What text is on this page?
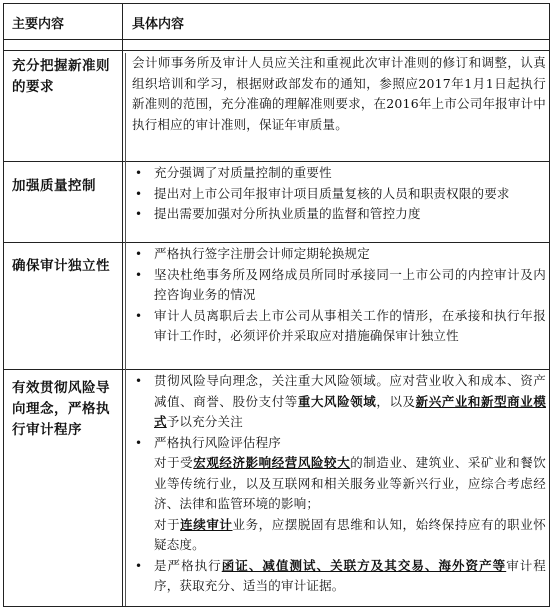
主要内容	具体内容
充分把握新准则的要求

会计师事务所及审计人员应关注和重视此次审计准则的修订和调整，认真组织培训和学习，根据财政部发布的通知，参照应2017年1月1日起执行新准则的范围，充分准确的理解准则要求，在2016年上市公司年报审计中执行相应的审计准则，保证年审质量。

加强质量控制
• 充分强调了对质量控制的重要性
• 提出对上市公司年报审计项目质量复核的人员和职责权限的要求
• 提出需要加强对分所执业质量的监督和管控力度
确保审计独立性
• 严格执行签字注册会计师定期轮换规定
• 坚决杜绝事务所及网络成员所同时承接同一上市公司的内控审计及内控咨询业务的情况
• 审计人员离职后去上市公司从事相关工作的情形，在承接和执行年报审计工作时，必须评价并采取应对措施确保审计独立性
有效贯彻风险导向理念，严格执行审计程序
• 贯彻风险导向理念，关注重大风险领域。应对营业收入和成本、资产减值、商誉、股份支付等重大风险领域，以及新兴产业和新型商业模式予以充分关注
• 严格执行风险评估程序
对于受宏观经济影响经营风险较大的制造业、建筑业、采矿业和餐饮业等传统行业，以及互联网和相关服务业等新兴行业，应综合考虑经济、法律和监管环境的影响；
对于连续审计业务，应摆脱固有思维和认知，始终保持应有的职业怀疑态度。
• 是严格执行函证、减值测试、关联方及其交易、海外资产等审计程序，获取充分、适当的审计证据。
